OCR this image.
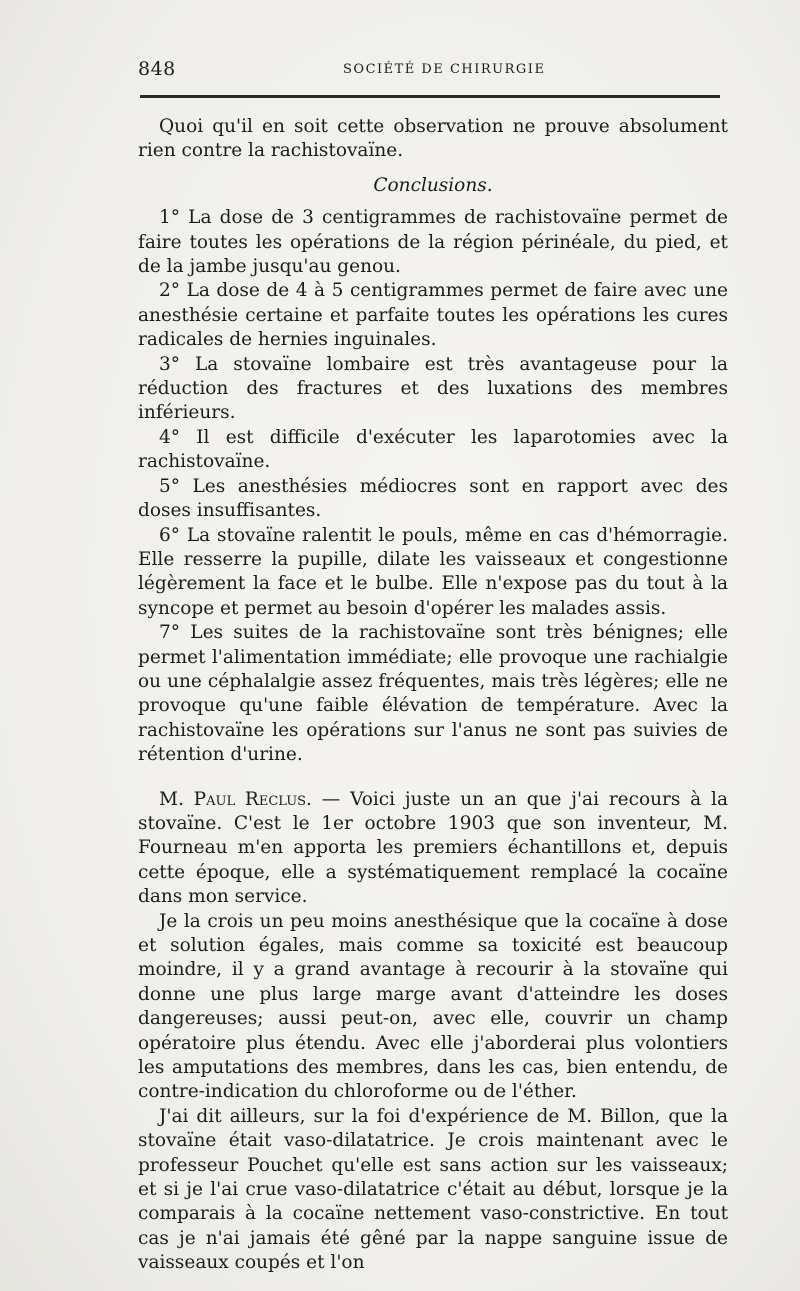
848	SOCIÉTÉ DE CHIRURGIE

Quoi qu'il en soit cette observation ne prouve absolument rien contre la rachistovaïne.

Conclusions.

1° La dose de 3 centigrammes de rachistovaïne permet de faire toutes les opérations de la région périnéale, du pied, et de la jambe jusqu'au genou.

2° La dose de 4 à 5 centigrammes permet de faire avec une anesthésie certaine et parfaite toutes les opérations les cures radicales de hernies inguinales.

3° La stovaïne lombaire est très avantageuse pour la réduction des fractures et des luxations des membres inférieurs.

4° Il est difficile d'exécuter les laparotomies avec la rachistovaïne.

5° Les anesthésies médiocres sont en rapport avec des doses insuffisantes.

6° La stovaïne ralentit le pouls, même en cas d'hémorragie. Elle resserre la pupille, dilate les vaisseaux et congestionne légèrement la face et le bulbe. Elle n'expose pas du tout à la syncope et permet au besoin d'opérer les malades assis.

7° Les suites de la rachistovaïne sont très bénignes; elle permet l'alimentation immédiate; elle provoque une rachialgie ou une céphalalgie assez fréquentes, mais très légères; elle ne provoque qu'une faible élévation de température. Avec la rachistovaïne les opérations sur l'anus ne sont pas suivies de rétention d'urine.

M. Paul Reclus. — Voici juste un an que j'ai recours à la stovaïne. C'est le 1er octobre 1903 que son inventeur, M. Fourneau m'en apporta les premiers échantillons et, depuis cette époque, elle a systématiquement remplacé la cocaïne dans mon service.

Je la crois un peu moins anesthésique que la cocaïne à dose et solution égales, mais comme sa toxicité est beaucoup moindre, il y a grand avantage à recourir à la stovaïne qui donne une plus large marge avant d'atteindre les doses dangereuses; aussi peut-on, avec elle, couvrir un champ opératoire plus étendu. Avec elle j'aborderai plus volontiers les amputations des membres, dans les cas, bien entendu, de contre-indication du chloroforme ou de l'éther.

J'ai dit ailleurs, sur la foi d'expérience de M. Billon, que la stovaïne était vaso-dilatatrice. Je crois maintenant avec le professeur Pouchet qu'elle est sans action sur les vaisseaux; et si je l'ai crue vaso-dilatatrice c'était au début, lorsque je la comparais à la cocaïne nettement vaso-constrictive. En tout cas je n'ai jamais été gêné par la nappe sanguine issue de vaisseaux coupés et l'on
